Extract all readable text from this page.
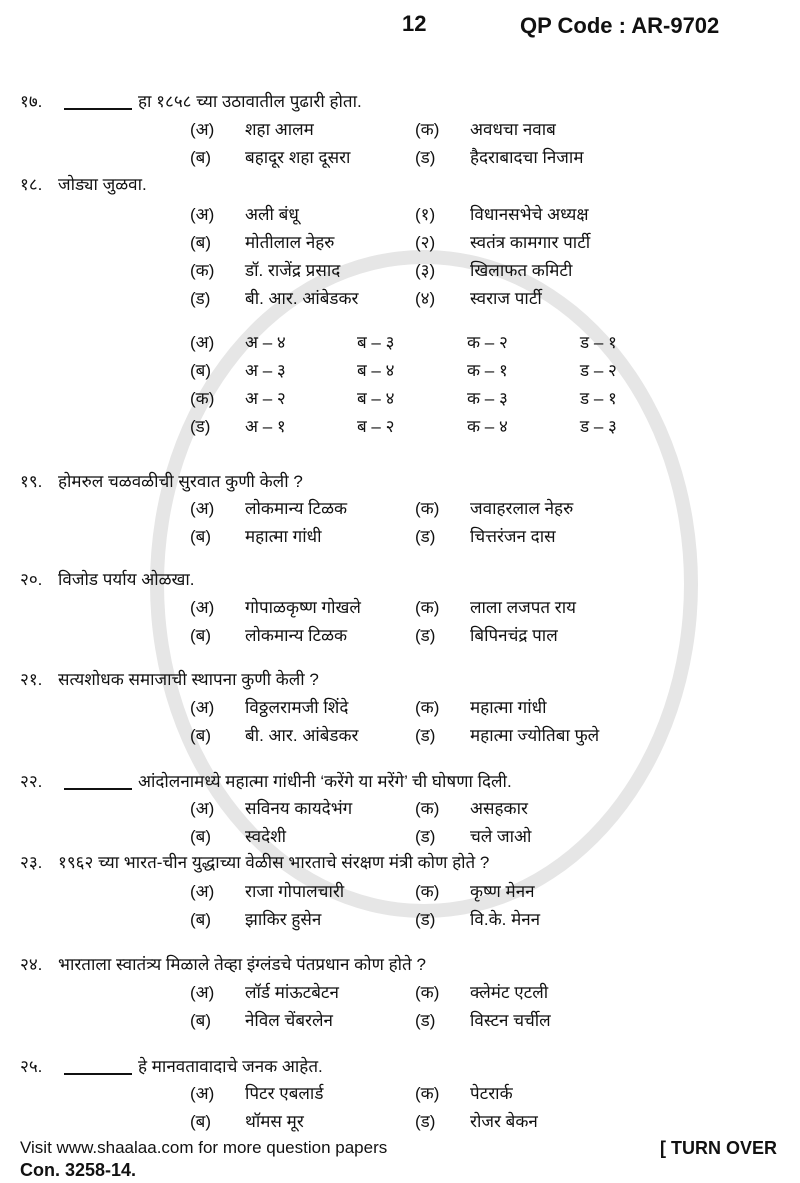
12	QP Code : AR-9702
१७.	हा १८५८ च्या उठावातील पुढारी होता.
(अ) शहा आलम	(क) अवधचा नवाब
(ब) बहादूर शहा दूसरा	(ड) हैदराबादचा निजाम
१८. जोड्या जुळवा.
(अ) अली बंधू	(१) विधानसभेचे अध्यक्ष
(ब) मोतीलाल नेहरु	(२) स्वतंत्र कामगार पार्टी
(क) डॉ. राजेंद्र प्रसाद	(३) खिलाफत कमिटी
(ड) बी. आर. आंबेडकर	(४) स्वराज पार्टी
(अ) अ – ४	ब – ३	क – २	ड – १
(ब) अ – ३	ब – ४	क – १	ड – २
(क) अ – २	ब – ४	क – ३	ड – १
(ड) अ – १	ब – २	क – ४	ड – ३
१९. होमरुल चळवळीची सुरवात कुणी केली ?
(अ) लोकमान्य टिळक	(क) जवाहरलाल नेहरु
(ब) महात्मा गांधी	(ड) चित्तरंजन दास
२०. विजोड पर्याय ओळखा.
(अ) गोपाळकृष्ण गोखले	(क) लाला लजपत राय
(ब) लोकमान्य टिळक	(ड) बिपिनचंद्र पाल
२१. सत्यशोधक समाजाची स्थापना कुणी केली ?
(अ) विठ्ठलरामजी शिंदे	(क) महात्मा गांधी
(ब) बी. आर. आंबेडकर	(ड) महात्मा ज्योतिबा फुले
२२.	आंदोलनामध्ये महात्मा गांधीनी ‘करेंगे या मरेंगे’ ची घोषणा दिली.
(अ) सविनय कायदेभंग	(क) असहकार
(ब) स्वदेशी	(ड) चले जाओ
२३. १९६२ च्या भारत-चीन युद्धाच्या वेळीस भारताचे संरक्षण मंत्री कोण होते ?
(अ) राजा गोपालचारी	(क) कृष्ण मेनन
(ब) झाकिर हुसेन	(ड) वि.के. मेनन
२४. भारताला स्वातंत्र्य मिळाले तेव्हा इंग्लंडचे पंतप्रधान कोण होते ?
(अ) लॉर्ड मांऊटबेटन	(क) क्लेमंट एटली
(ब) नेविल चेंबरलेन	(ड) विस्टन चर्चील
२५.	हे मानवतावादाचे जनक आहेत.
(अ) पिटर एबलार्ड	(क) पेटरार्क
(ब) थॉमस मूर	(ड) रोजर बेकन
Visit www.shaalaa.com for more question papers	[ TURN OVER
Con. 3258-14.
